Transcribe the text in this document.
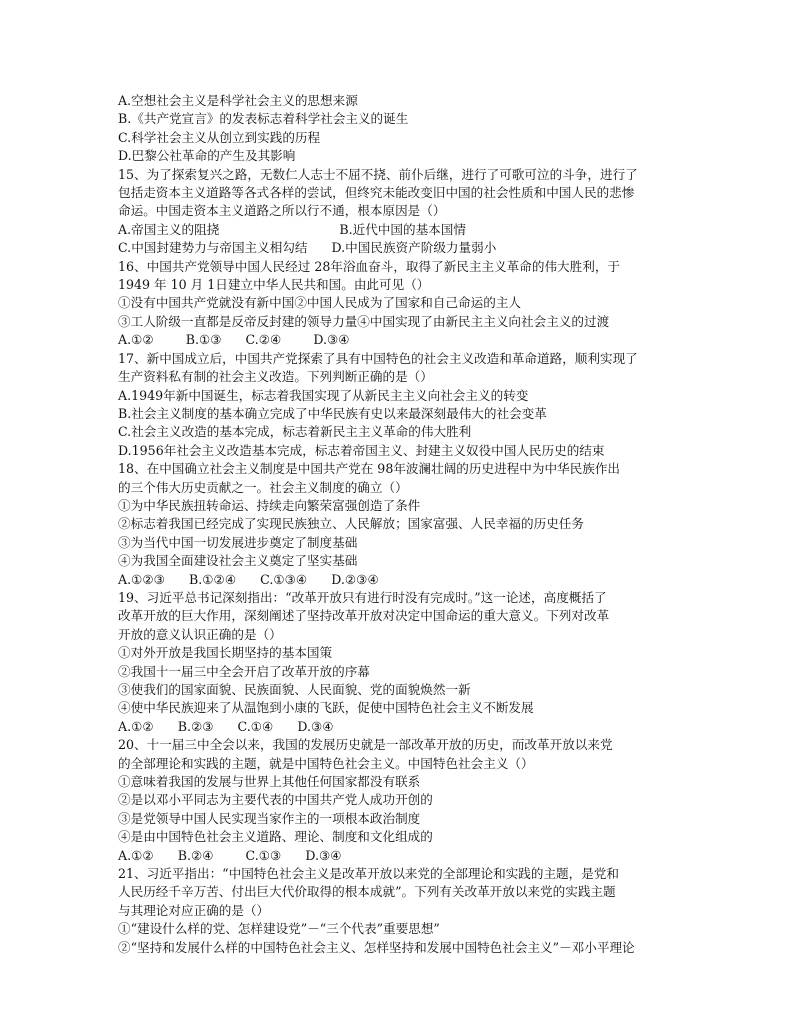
A.空想社会主义是科学社会主义的思想来源
B.《共产党宣言》的发表标志着科学社会主义的诞生
C.科学社会主义从创立到实践的历程
D.巴黎公社革命的产生及其影响
15、为了探索复兴之路，无数仁人志士不屈不挠、前仆后继，进行了可歌可泣的斗争，进行了
包括走资本主义道路等各式各样的尝试，但终究未能改变旧中国的社会性质和中国人民的悲惨
命运。中国走资本主义道路之所以行不通，根本原因是（）
A.帝国主义的阻挠                              B.近代中国的基本国情
C.中国封建势力与帝国主义相勾结      D.中国民族资产阶级力量弱小
16、中国共产党领导中国人民经过 28年浴血奋斗，取得了新民主主义革命的伟大胜利，于
1949 年 10 月 1日建立中华人民共和国。由此可见（）
①没有中国共产党就没有新中国②中国人民成为了国家和自己命运的主人
③工人阶级一直都是反帝反封建的领导力量④中国实现了由新民主主义向社会主义的过渡
A.①②        B.①③      C.②④        D.③④
17、新中国成立后，中国共产党探索了具有中国特色的社会主义改造和革命道路，顺利实现了
生产资料私有制的社会主义改造。下列判断正确的是（）
A.1949年新中国诞生，标志着我国实现了从新民主主义向社会主义的转变
B.社会主义制度的基本确立完成了中华民族有史以来最深刻最伟大的社会变革
C.社会主义改造的基本完成，标志着新民主主义革命的伟大胜利
D.1956年社会主义改造基本完成，标志着帝国主义、封建主义奴役中国人民历史的结束
18、在中国确立社会主义制度是中国共产党在 98年波澜壮阔的历史进程中为中华民族作出
的三个伟大历史贡献之一。社会主义制度的确立（）
①为中华民族扭转命运、持续走向繁荣富强创造了条件
②标志着我国已经完成了实现民族独立、人民解放；国家富强、人民幸福的历史任务
③为当代中国一切发展进步奠定了制度基础
④为我国全面建设社会主义奠定了坚实基础
A.①②③      B.①②④      C.①③④      D.②③④
19、习近平总书记深刻指出：“改革开放只有进行时没有完成时。”这一论述，高度概括了
改革开放的巨大作用，深刻阐述了坚持改革开放对决定中国命运的重大意义。下列对改革
开放的意义认识正确的是（）
①对外开放是我国长期坚持的基本国策
②我国十一届三中全会开启了改革开放的序幕
③使我们的国家面貌、民族面貌、人民面貌、党的面貌焕然一新
④使中华民族迎来了从温饱到小康的飞跃，促使中国特色社会主义不断发展
A.①②      B.②③      C.①④      D.③④
20、十一届三中全会以来，我国的发展历史就是一部改革开放的历史，而改革开放以来党
的全部理论和实践的主题，就是中国特色社会主义。中国特色社会主义（）
①意味着我国的发展与世界上其他任何国家都没有联系
②是以邓小平同志为主要代表的中国共产党人成功开创的
③是党领导中国人民实现当家作主的一项根本政治制度
④是由中国特色社会主义道路、理论、制度和文化组成的
A.①②      B.②④        C.①③      D.③④
21、习近平指出：“中国特色社会主义是改革开放以来党的全部理论和实践的主题，是党和
人民历经千辛万苦、付出巨大代价取得的根本成就”。下列有关改革开放以来党的实践主题
与其理论对应正确的是（）
①“建设什么样的党、怎样建设党”－“三个代表”重要思想”
②“坚持和发展什么样的中国特色社会主义、怎样坚持和发展中国特色社会主义”－邓小平理论
